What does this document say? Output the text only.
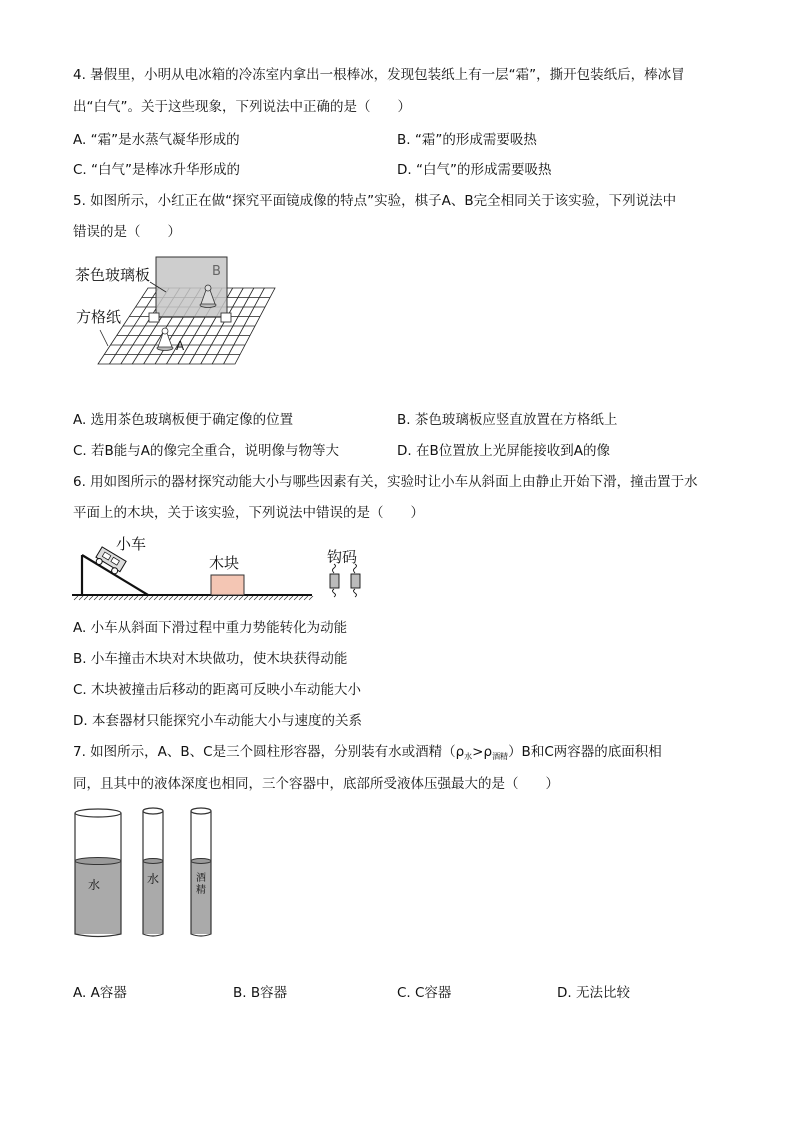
4. 暑假里，小明从电冰箱的冷冻室内拿出一根棒冰，发现包装纸上有一层“霜”，撕开包装纸后，棒冰冒
出“白气”。关于这些现象，下列说法中正确的是（　　）
A. “霜”是水蒸气凝华形成的	B. “霜”的形成需要吸热
C. “白气”是棒冰升华形成的	D. “白气”的形成需要吸热
5. 如图所示，小红正在做“探究平面镜成像的特点”实验，棋子A、B完全相同关于该实验，下列说法中
错误的是（　　）
B
A
茶色玻璃板
方格纸
A. 选用茶色玻璃板便于确定像的位置	B. 茶色玻璃板应竖直放置在方格纸上
C. 若B能与A的像完全重合，说明像与物等大	D. 在B位置放上光屏能接收到A的像
6. 用如图所示的器材探究动能大小与哪些因素有关，实验时让小车从斜面上由静止开始下滑，撞击置于水
平面上的木块，关于该实验，下列说法中错误的是（　　）
小车
木块	钩码
A. 小车从斜面下滑过程中重力势能转化为动能
B. 小车撞击木块对木块做功，使木块获得动能
C. 木块被撞击后移动的距离可反映小车动能大小
D. 本套器材只能探究小车动能大小与速度的关系
7. 如图所示，A、B、C是三个圆柱形容器，分别装有水或酒精$(\rho_水>\rho_{酒精})B$和C两容器的底面积相
同，且其中的液体深度也相同，三个容器中，底部所受液体压强最大的是（　　）
水	水	酒
精
A. A容器	B. B容器	C. C容器	D. 无法比较
